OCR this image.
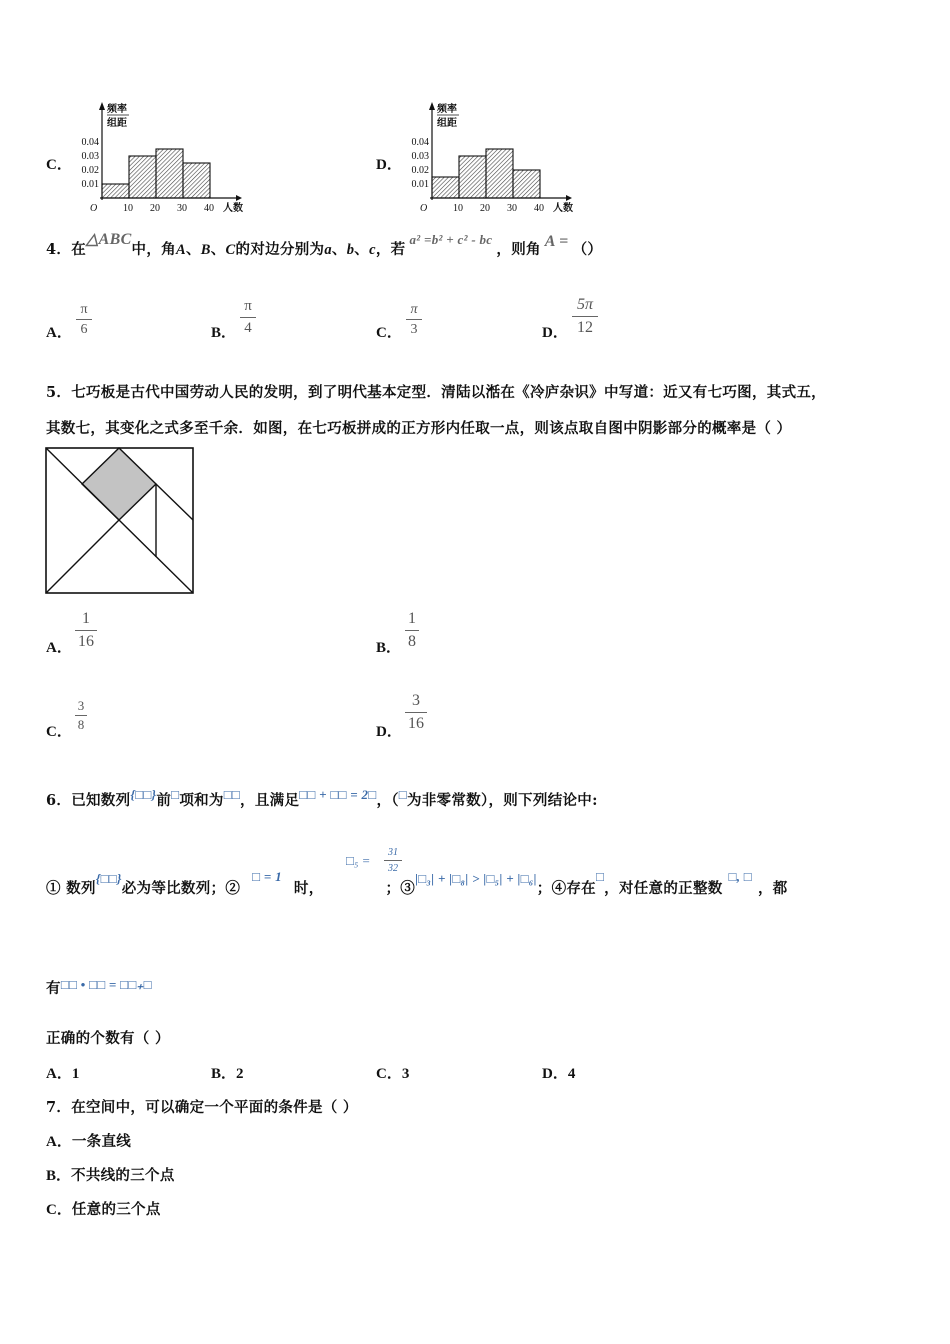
C．
频率
组距
0.01
0.02
0.03
0.04
O	10 20 30 40 人数
D．
频率
组距
0.01
0.02
0.03
0.04
O	10 20 30 40 人数
4．在△ABC中，角A、B、C的对边分别为a、b、c，若a² =b² + c² - bc，则角 A = （）
A．
π
6	B．
π
4	C．
π
3	D．
5π
12
5．七巧板是古代中国劳动人民的发明，到了明代基本定型．清陆以湉在《冷庐杂识》中写道：近又有七巧图，其式五，
其数七，其变化之式多至千余．如图，在七巧板拼成的正方形内任取一点，则该点取自图中阴影部分的概率是（ ）
A．
1
16	B．
1
8
C．
3
8	D．
3
16
6．已知数列{□□}前□项和为□□，且满足□□ + □□ = 2□，（□为非零常数），则下列结论中:
① 数列{□□}必为等比数列；②□ = 1时，	；③|□₃| + |□₈| > |□₅| + |□₆|；④存在□，对任意的正整数□, □，都
□₅ =
31
32
有□□ • □□ = □□₊□
正确的个数有（ ）
A．1	B．2	C．3	D．4
7．在空间中，可以确定一个平面的条件是（ ）
A．一条直线
B．不共线的三个点
C．任意的三个点
